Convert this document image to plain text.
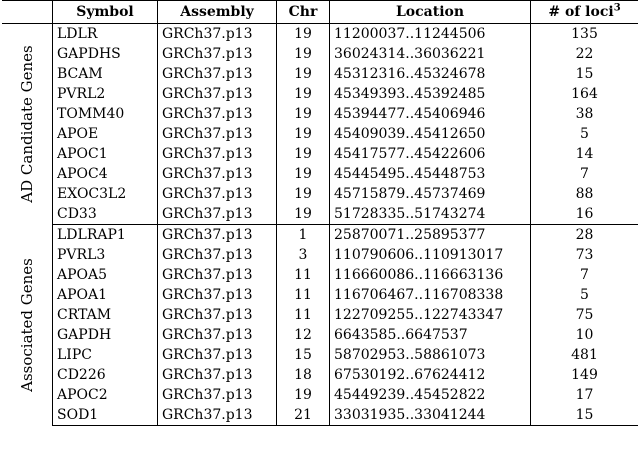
	Symbol	Assembly	Chr	Location	# of loci$^3$

AD Candidate Genes	LDLR	GRCh37.p13	19	11200037..11244506	135
	GAPDHS	GRCh37.p13	19	36024314..36036221	22
	BCAM	GRCh37.p13	19	45312316..45324678	15
	PVRL2	GRCh37.p13	19	45349393..45392485	164
	TOMM40	GRCh37.p13	19	45394477..45406946	38
	APOE	GRCh37.p13	19	45409039..45412650	5
	APOC1	GRCh37.p13	19	45417577..45422606	14
	APOC4	GRCh37.p13	19	45445495..45448753	7
	EXOC3L2	GRCh37.p13	19	45715879..45737469	88
	CD33	GRCh37.p13	19	51728335..51743274	16

Associated Genes	LDLRAP1	GRCh37.p13	1	25870071..25895377	28
	PVRL3	GRCh37.p13	3	110790606..110913017	73
	APOA5	GRCh37.p13	11	116660086..116663136	7
	APOA1	GRCh37.p13	11	116706467..116708338	5
	CRTAM	GRCh37.p13	11	122709255..122743347	75
	GAPDH	GRCh37.p13	12	6643585..6647537	10
	LIPC	GRCh37.p13	15	58702953..58861073	481
	CD226	GRCh37.p13	18	67530192..67624412	149
	APOC2	GRCh37.p13	19	45449239..45452822	17
	SOD1	GRCh37.p13	21	33031935..33041244	15
